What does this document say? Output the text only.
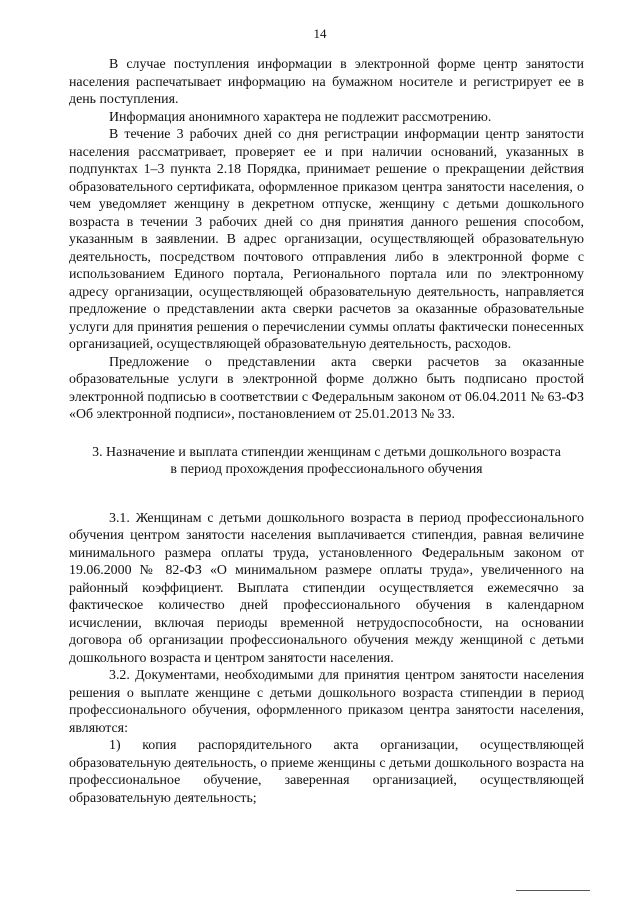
14

В случае поступления информации в электронной форме центр занятости населения распечатывает информацию на бумажном носителе и регистрирует ее в день поступления.

Информация анонимного характера не подлежит рассмотрению.

В течение 3 рабочих дней со дня регистрации информации центр занятости населения рассматривает, проверяет ее и при наличии оснований, указанных в подпунктах 1–3 пункта 2.18 Порядка, принимает решение о прекращении действия образовательного сертификата, оформленное приказом центра занятости населения, о чем уведомляет женщину в декретном отпуске, женщину с детьми дошкольного возраста в течении 3 рабочих дней со дня принятия данного решения способом, указанным в заявлении. В адрес организации, осуществляющей образовательную деятельность, посредством почтового отправления либо в электронной форме с использованием Единого портала, Регионального портала или по электронному адресу организации, осуществляющей образовательную деятельность, направляется предложение о представлении акта сверки расчетов за оказанные образовательные услуги для принятия решения о перечислении суммы оплаты фактически понесенных организацией, осуществляющей образовательную деятельность, расходов.

Предложение о представлении акта сверки расчетов за оказанные образовательные услуги в электронной форме должно быть подписано простой электронной подписью в соответствии с Федеральным законом от 06.04.2011 № 63-ФЗ «Об электронной подписи», постановлением от 25.01.2013 № 33.

3. Назначение и выплата стипендии женщинам с детьми дошкольного возраста
в период прохождения профессионального обучения

3.1. Женщинам с детьми дошкольного возраста в период профессионального обучения центром занятости населения выплачивается стипендия, равная величине минимального размера оплаты труда, установленного Федеральным законом от 19.06.2000 № 82-ФЗ «О минимальном размере оплаты труда», увеличенного на районный коэффициент. Выплата стипендии осуществляется ежемесячно за фактическое количество дней профессионального обучения в календарном исчислении, включая периоды временной нетрудоспособности, на основании договора об организации профессионального обучения между женщиной с детьми дошкольного возраста и центром занятости населения.

3.2. Документами, необходимыми для принятия центром занятости населения решения о выплате женщине с детьми дошкольного возраста стипендии в период профессионального обучения, оформленного приказом центра занятости населения, являются:

1) копия распорядительного акта организации, осуществляющей образовательную деятельность, о приеме женщины с детьми дошкольного возраста на профессиональное обучение, заверенная организацией, осуществляющей образовательную деятельность;
